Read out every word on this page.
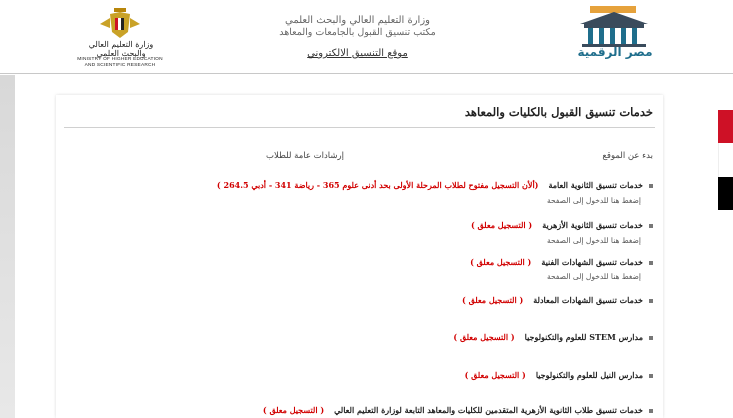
مصر الرقمية
وزارة التعليم العالي والبحث العلمي
مكتب تنسيق القبول بالجامعات والمعاهد
موقع التنسيق الالكتروني
وزارة التعليم العالي والبحث العلمي
MINISTRY OF HIGHER EDUCATION
AND SCIENTIFIC RESEARCH
خدمات تنسيق القبول بالكليات والمعاهد
بدء عن الموقع
إرشادات عامة للطلاب
خدمات تنسيق الثانوية العامة(ألأن التسجيل مفتوح لطلاب المرحلة الأولى بحد أدنى علوم 365 - رياضة 341 - أدبي 264.5 )
إضغط هنا للدخول إلى الصفحة
خدمات تنسيق الثانوية الأزهرية( التسجيل معلق )
إضغط هنا للدخول إلى الصفحة
خدمات تنسيق الشهادات الفنية( التسجيل معلق )
إضغط هنا للدخول إلى الصفحة
خدمات تنسيق الشهادات المعادلة( التسجيل معلق )
مدارس STEM للعلوم والتكنولوجيا( التسجيل معلق )
مدارس النيل للعلوم والتكنولوجيا( التسجيل معلق )
خدمات تنسيق طلاب الثانوية الأزهرية المتقدمين للكليات والمعاهد التابعة لوزارة التعليم العالي( التسجيل معلق )
